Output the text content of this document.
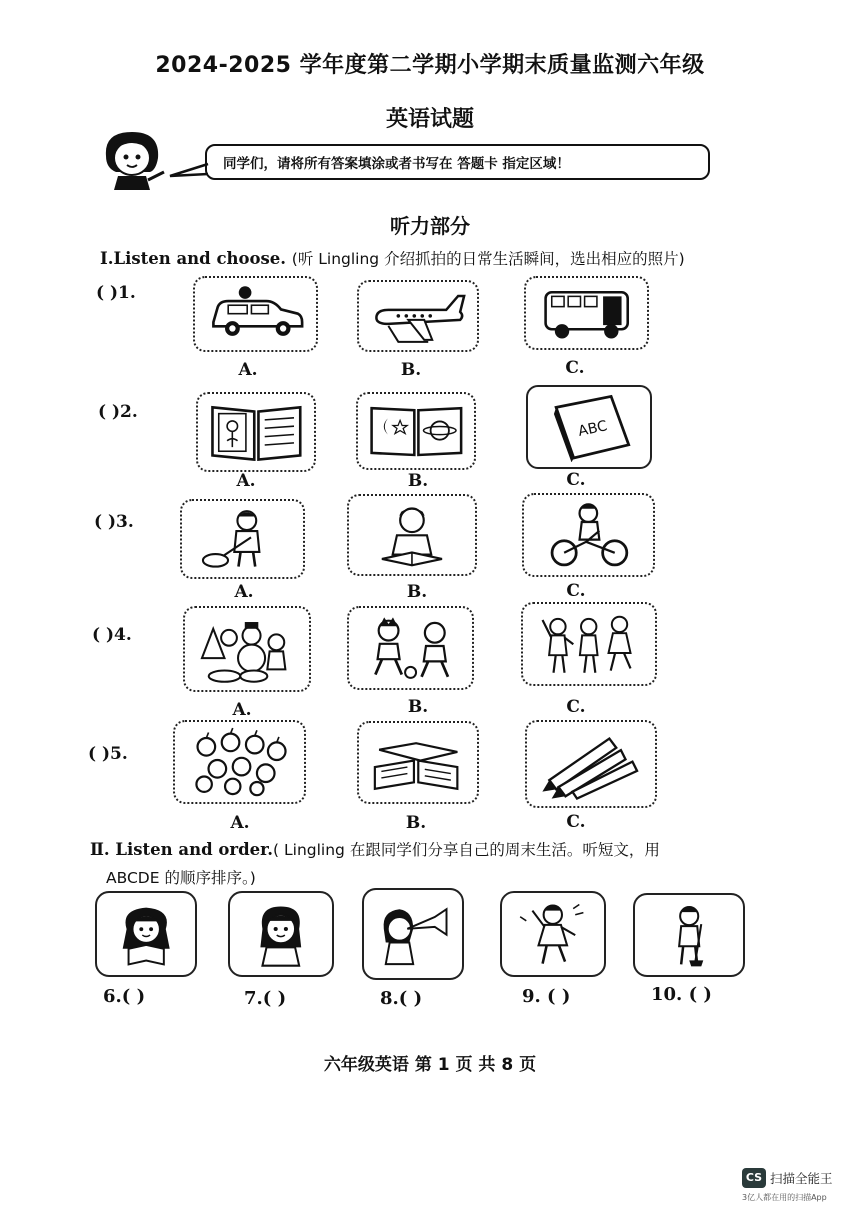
2024-2025 学年度第二学期小学期末质量监测六年级
英语试题
同学们，请将所有答案填涂或者书写在 答题卡 指定区域！
听力部分
Ⅰ.Listen and choose. (听 Lingling 介绍抓拍的日常生活瞬间，选出相应的照片)
( )1.
A.	B.	C.
( )2.
ABC
A.	B.	C.
( )3.
A.	B.	C.
( )4.
A.	B.	C.
( )5.
A.	B.	C.
Ⅱ. Listen and order.( Lingling 在跟同学们分享自己的周末生活。听短文，用
ABCDE 的顺序排序。)
6.( )	7.( )	8.( )	9. ( )	10. ( )
六年级英语 第 1 页 共 8 页
CS 扫描全能王
3亿人都在用的扫描App
